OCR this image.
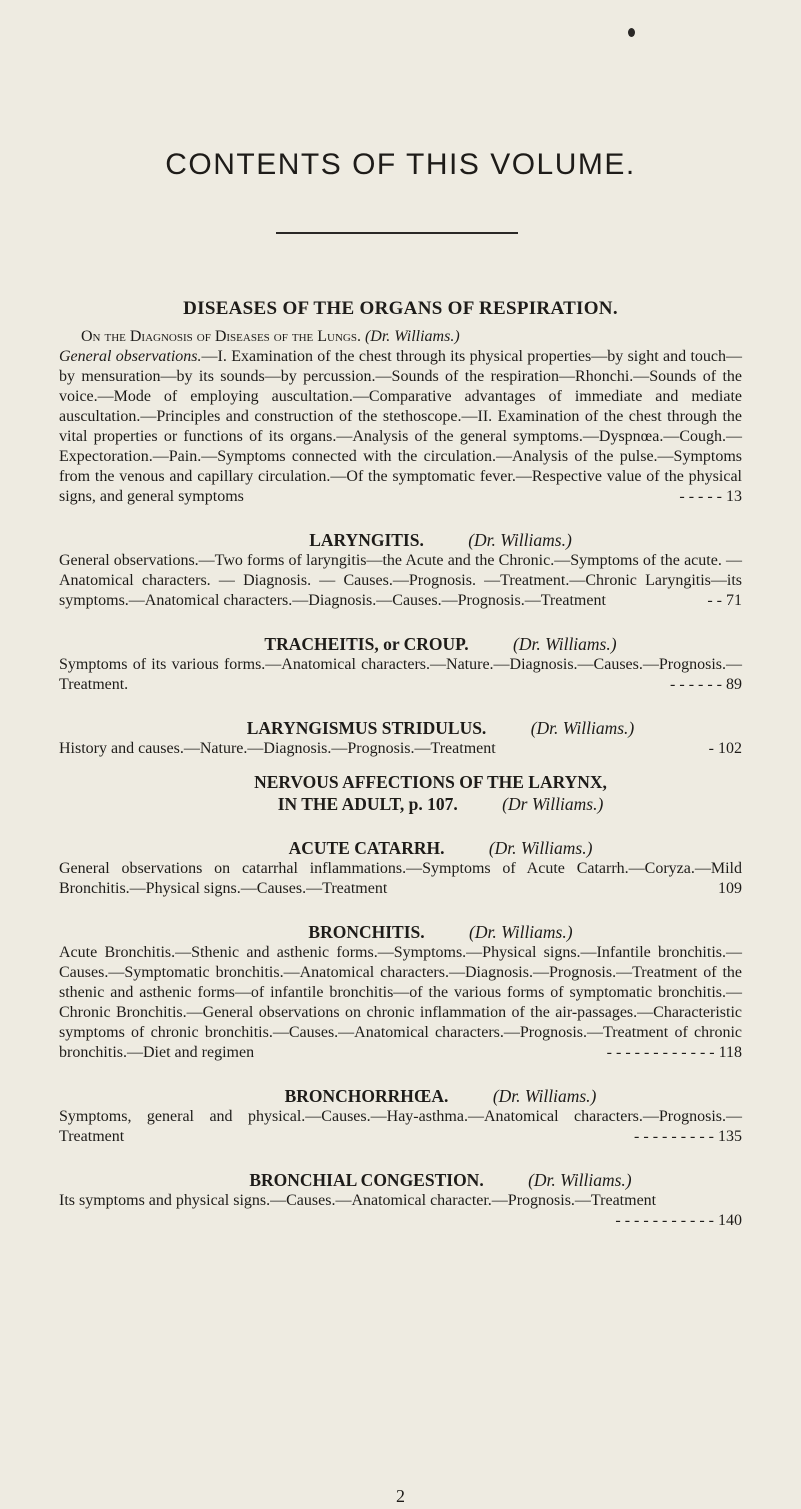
CONTENTS OF THIS VOLUME.
DISEASES OF THE ORGANS OF RESPIRATION.

On the Diagnosis of Diseases of the Lungs. (Dr. Williams.)
General observations.—I. Examination of the chest through its physical properties—by sight and touch—by mensuration—by its sounds—by percussion.—Sounds of the respiration—Rhonchi.—Sounds of the voice.—Mode of employing auscultation.—Comparative advantages of immediate and mediate auscultation.—Principles and construction of the stethoscope.—II. Examination of the chest through the vital properties or functions of its organs.—Analysis of the general symptoms.—Dyspnœa.—Cough.—Expectoration.—Pain.—Symptoms connected with the circulation.—Analysis of the pulse.—Symptoms from the venous and capillary circulation.—Of the symptomatic fever.—Respective value of the physical signs, and general symptoms	- - - - - 13

LARYNGITIS.	(Dr. Williams.)

General observations.—Two forms of laryngitis—the Acute and the Chronic.—Symptoms of the acute. — Anatomical characters. — Diagnosis. — Causes.—Prognosis. —Treatment.—Chronic Laryngitis—its symptoms.—Anatomical characters.—Diagnosis.—Causes.—Prognosis.—Treatment	- - 71

TRACHEITIS, or CROUP.	(Dr. Williams.)

Symptoms of its various forms.—Anatomical characters.—Nature.—Diagnosis.—Causes.—Prognosis.—Treatment.	- - - - - - 89

LARYNGISMUS STRIDULUS.	(Dr. Williams.)

History and causes.—Nature.—Diagnosis.—Prognosis.—Treatment	- 102

NERVOUS AFFECTIONS OF THE LARYNX,

IN THE ADULT, p. 107.	(Dr Williams.)

ACUTE CATARRH.	(Dr. Williams.)

General observations on catarrhal inflammations.—Symptoms of Acute Catarrh.—Coryza.—Mild Bronchitis.—Physical signs.—Causes.—Treatment	109

BRONCHITIS.	(Dr. Williams.)

Acute Bronchitis.—Sthenic and asthenic forms.—Symptoms.—Physical signs.—Infantile bronchitis.—Causes.—Symptomatic bronchitis.—Anatomical characters.—Diagnosis.—Prognosis.—Treatment of the sthenic and asthenic forms—of infantile bronchitis—of the various forms of symptomatic bronchitis.—Chronic Bronchitis.—General observations on chronic inflammation of the air-passages.—Characteristic symptoms of chronic bronchitis.—Causes.—Anatomical characters.—Prognosis.—Treatment of chronic bronchitis.—Diet and regimen	- - - - - - - - - - - - 118

BRONCHORRHŒA.	(Dr. Williams.)

Symptoms, general and physical.—Causes.—Hay-asthma.—Anatomical characters.—Prognosis.—Treatment	- - - - - - - - - 135

BRONCHIAL CONGESTION.	(Dr. Williams.)

Its symptoms and physical signs.—Causes.—Anatomical character.—Prognosis.—Treatment
- - - - - - - - - - - 140

2
